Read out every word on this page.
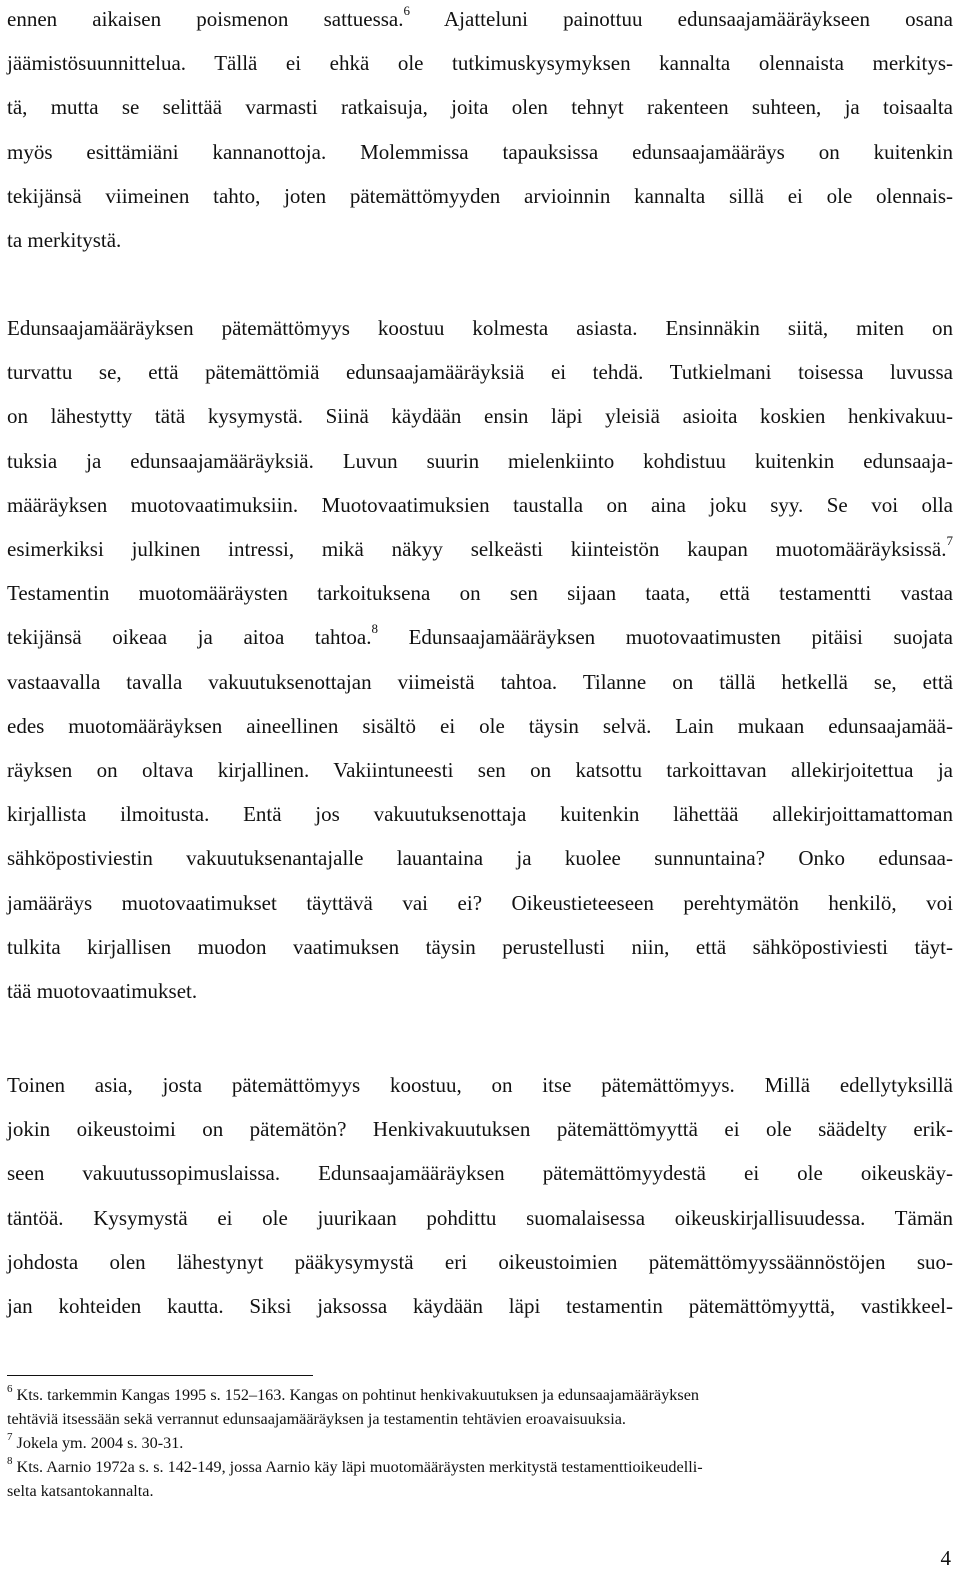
ennen aikaisen poismenon sattuessa.$^6$ Ajatteluni painottuu edunsaajamääräykseen osana
jäämistösuunnittelua. Tällä ei ehkä ole tutkimuskysymyksen kannalta olennaista merkitys-
tä, mutta se selittää varmasti ratkaisuja, joita olen tehnyt rakenteen suhteen, ja toisaalta
myös esittämiäni kannanottoja. Molemmissa tapauksissa edunsaajamääräys on kuitenkin
tekijänsä viimeinen tahto, joten pätemättömyyden arvioinnin kannalta sillä ei ole olennais-
ta merkitystä.
Edunsaajamääräyksen pätemättömyys koostuu kolmesta asiasta. Ensinnäkin siitä, miten on
turvattu se, että pätemättömiä edunsaajamääräyksiä ei tehdä. Tutkielmani toisessa luvussa
on lähestytty tätä kysymystä. Siinä käydään ensin läpi yleisiä asioita koskien henkivakuu-
tuksia ja edunsaajamääräyksiä. Luvun suurin mielenkiinto kohdistuu kuitenkin edunsaaja-
määräyksen muotovaatimuksiin. Muotovaatimuksien taustalla on aina joku syy. Se voi olla
esimerkiksi julkinen intressi, mikä näkyy selkeästi kiinteistön kaupan muotomääräyksissä.$^7$
Testamentin muotomääräysten tarkoituksena on sen sijaan taata, että testamentti vastaa
tekijänsä oikeaa ja aitoa tahtoa.$^8$ Edunsaajamääräyksen muotovaatimusten pitäisi suojata
vastaavalla tavalla vakuutuksenottajan viimeistä tahtoa. Tilanne on tällä hetkellä se, että
edes muotomääräyksen aineellinen sisältö ei ole täysin selvä. Lain mukaan edunsaajamää-
räyksen on oltava kirjallinen. Vakiintuneesti sen on katsottu tarkoittavan allekirjoitettua ja
kirjallista ilmoitusta. Entä jos vakuutuksenottaja kuitenkin lähettää allekirjoittamattoman
sähköpostiviestin vakuutuksenantajalle lauantaina ja kuolee sunnuntaina? Onko edunsaa-
jamääräys muotovaatimukset täyttävä vai ei? Oikeustieteeseen perehtymätön henkilö, voi
tulkita kirjallisen muodon vaatimuksen täysin perustellusti niin, että sähköpostiviesti täyt-
tää muotovaatimukset.
Toinen asia, josta pätemättömyys koostuu, on itse pätemättömyys. Millä edellytyksillä
jokin oikeustoimi on pätemätön? Henkivakuutuksen pätemättömyyttä ei ole säädelty erik-
seen vakuutussopimuslaissa. Edunsaajamääräyksen pätemättömyydestä ei ole oikeuskäy-
täntöä. Kysymystä ei ole juurikaan pohdittu suomalaisessa oikeuskirjallisuudessa. Tämän
johdosta olen lähestynyt pääkysymystä eri oikeustoimien pätemättömyyssäännöstöjen suo-
jan kohteiden kautta. Siksi jaksossa käydään läpi testamentin pätemättömyyttä, vastikkeel-
$^6$ Kts. tarkemmin Kangas 1995 s. 152–163. Kangas on pohtinut henkivakuutuksen ja edunsaajamääräyksen
tehtäviä itsessään sekä verrannut edunsaajamääräyksen ja testamentin tehtävien eroavaisuuksia.
$^7$ Jokela ym. 2004 s. 30-31.
$^8$ Kts. Aarnio 1972a s. s. 142-149, jossa Aarnio käy läpi muotomääräysten merkitystä testamenttioikeudelli-
selta katsantokannalta.
4
